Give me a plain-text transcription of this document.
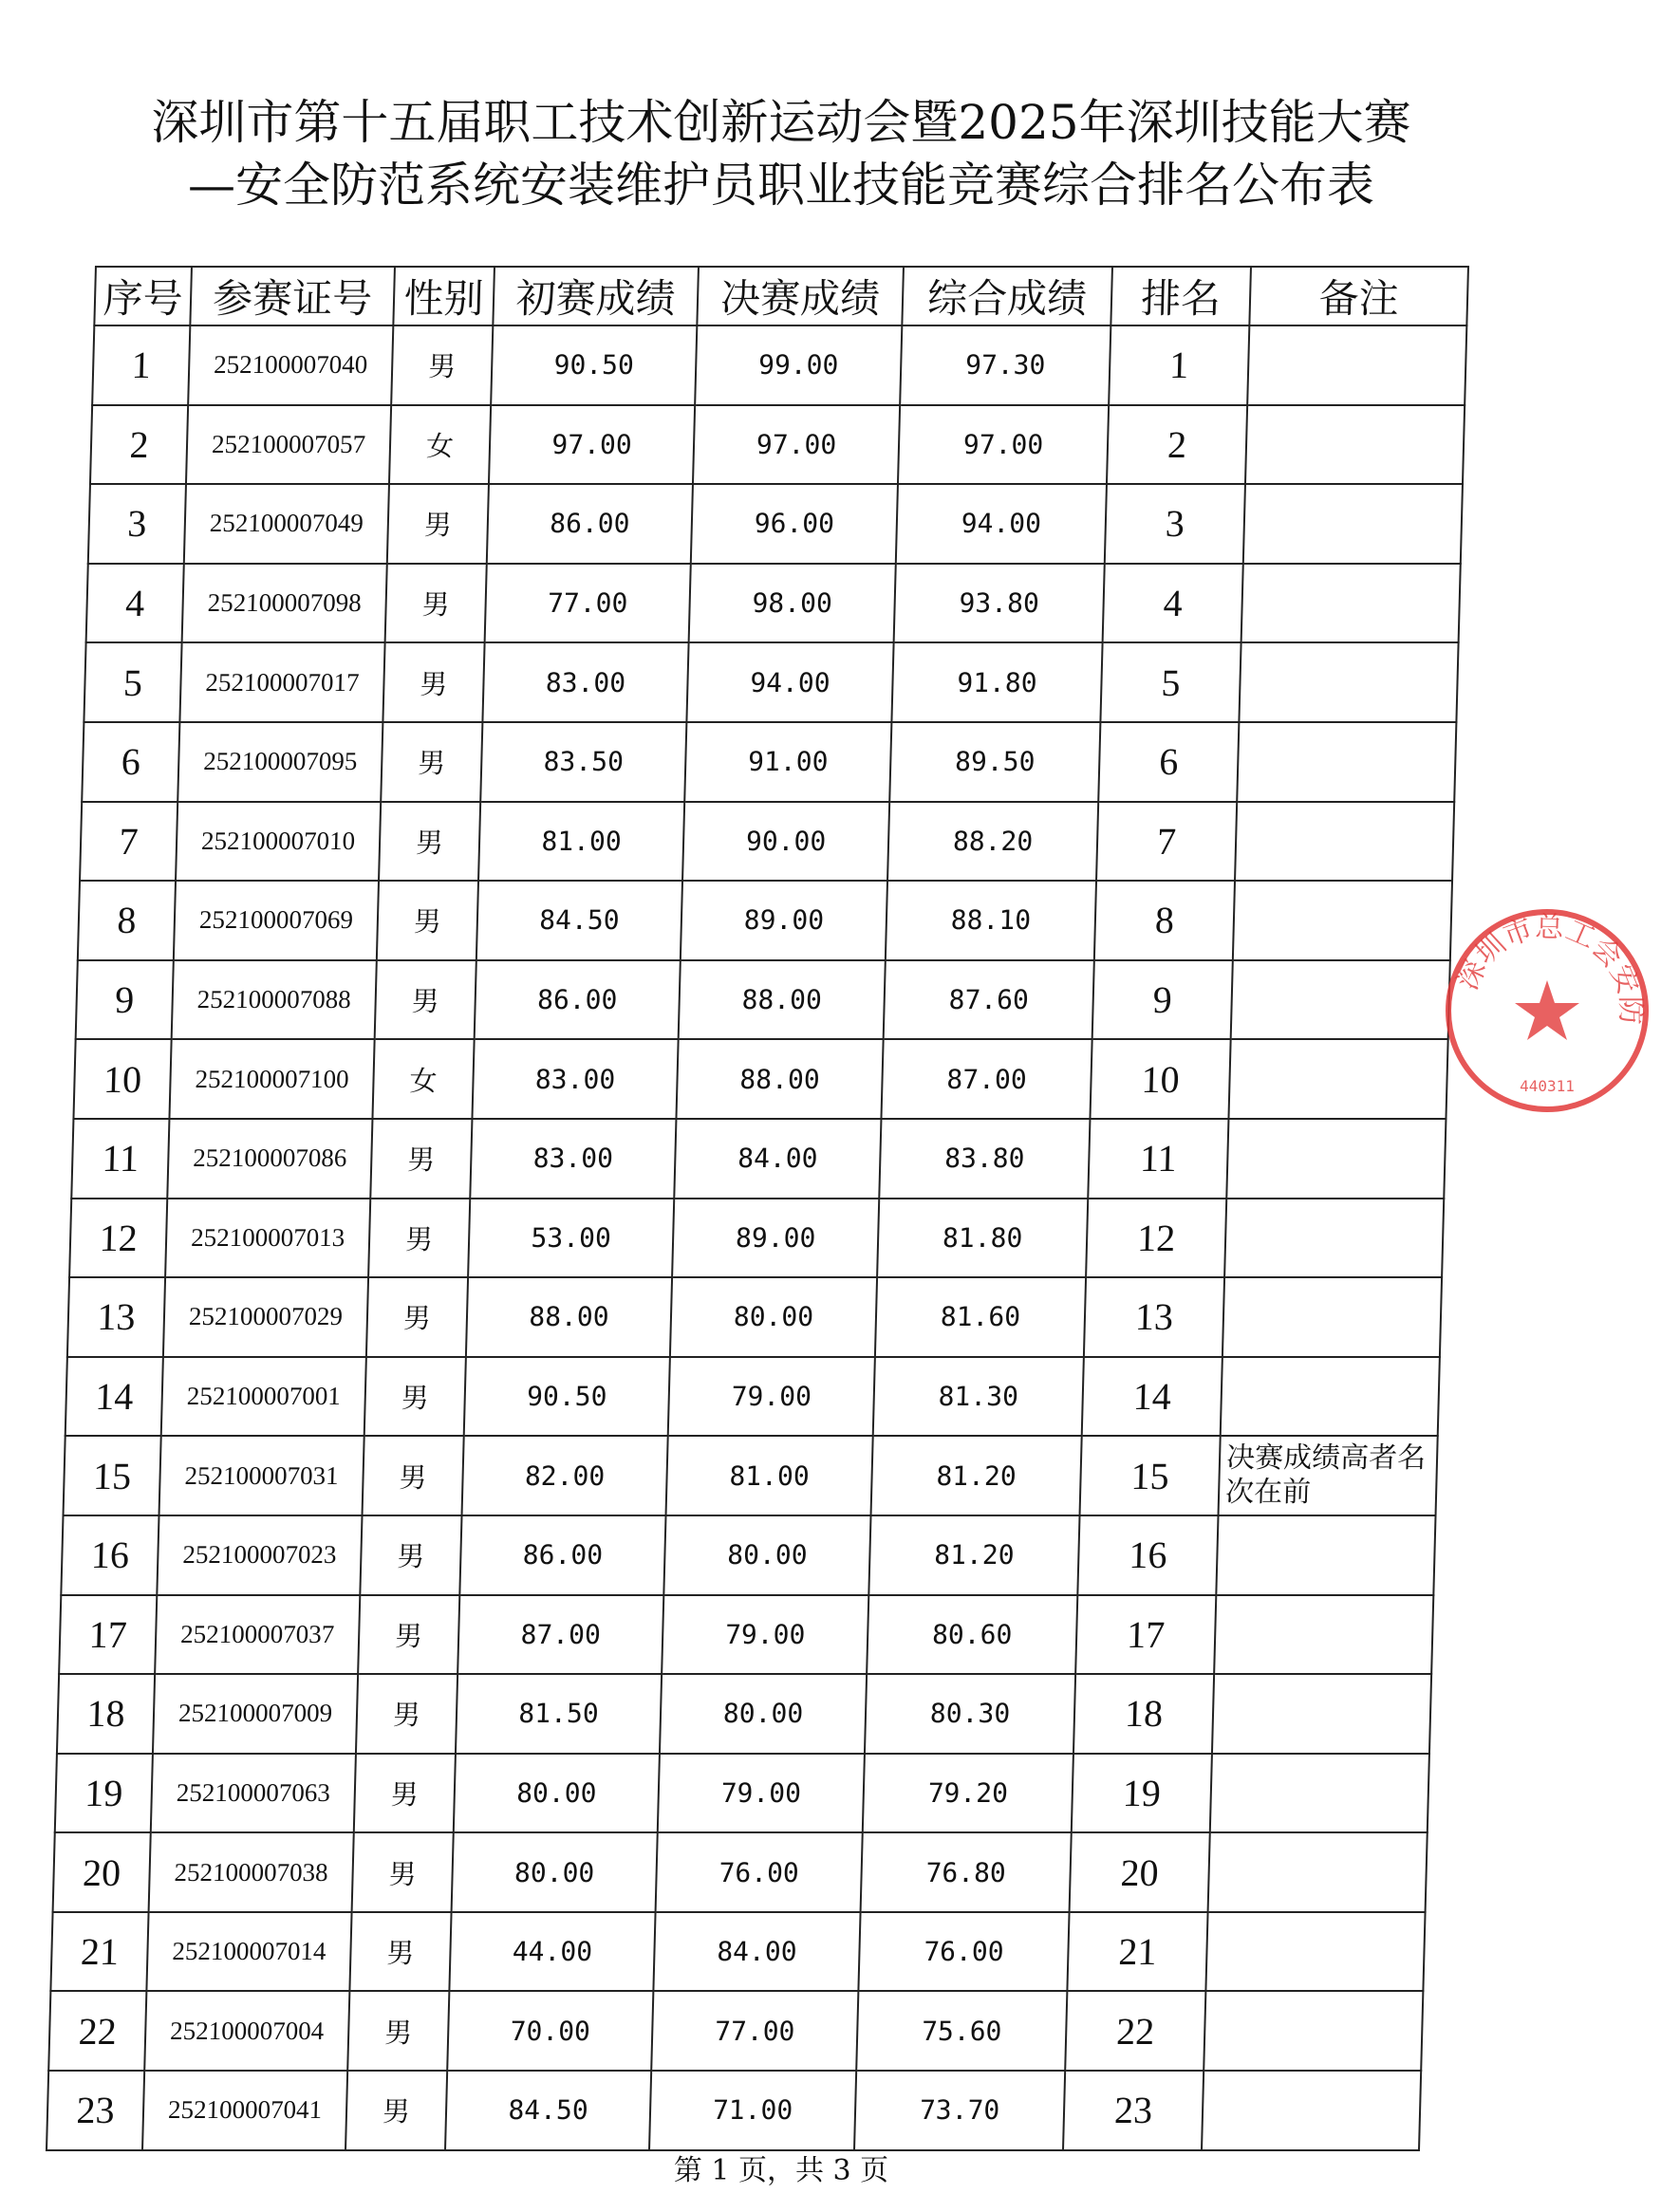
深圳市第十五届职工技术创新运动会暨2025年深圳技能大赛
—安全防范系统安装维护员职业技能竞赛综合排名公布表
序号	参赛证号	性别	初赛成绩	决赛成绩	综合成绩	排名	备注
1	252100007040	男	90.50	99.00	97.30	1	
2	252100007057	女	97.00	97.00	97.00	2	
3	252100007049	男	86.00	96.00	94.00	3	
4	252100007098	男	77.00	98.00	93.80	4	
5	252100007017	男	83.00	94.00	91.80	5	
6	252100007095	男	83.50	91.00	89.50	6	
7	252100007010	男	81.00	90.00	88.20	7	
8	252100007069	男	84.50	89.00	88.10	8	
9	252100007088	男	86.00	88.00	87.60	9	
10	252100007100	女	83.00	88.00	87.00	10	
11	252100007086	男	83.00	84.00	83.80	11	
12	252100007013	男	53.00	89.00	81.80	12	
13	252100007029	男	88.00	80.00	81.60	13	
14	252100007001	男	90.50	79.00	81.30	14	
15	252100007031	男	82.00	81.00	81.20	15	决赛成绩高者名次在前
16	252100007023	男	86.00	80.00	81.20	16	
17	252100007037	男	87.00	79.00	80.60	17	
18	252100007009	男	81.50	80.00	80.30	18	
19	252100007063	男	80.00	79.00	79.20	19	
20	252100007038	男	80.00	76.00	76.80	20	
21	252100007014	男	44.00	84.00	76.00	21	
22	252100007004	男	70.00	77.00	75.60	22	
23	252100007041	男	84.50	71.00	73.70	23	
深圳市总工会安防
440311
第 1 页，共 3 页
